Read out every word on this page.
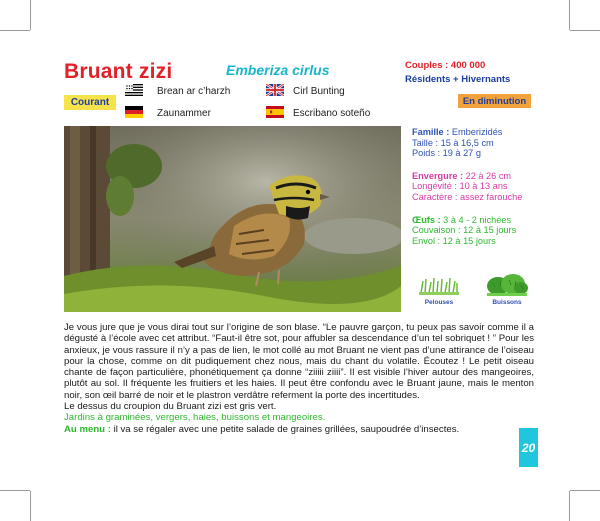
Bruant zizi	Emberiza cirlus	Couples : 400 000
Résidents + Hivernants
Courant	En diminution
Brean ar c’harzh	Cirl Bunting
Zaunammer	Escribano soteño
Famille : Emberizidés
Taille : 15 à 16,5 cm
Poids : 19 à 27 g
Envergure : 22 à 26 cm
Longévité : 10 à 13 ans
Caractère : assez farouche
Œufs : 3 à 4 - 2 nichées
Couvaison : 12 à 15 jours
Envol : 12 à 15 jours
Pelouses	Buissons

Je vous jure que je vous dirai tout sur l’origine de son blase. “Le pauvre garçon, tu peux pas savoir comme il a dégusté à l’école avec cet attribut. “Faut-il être sot, pour affubler sa descendance d’un tel sobriquet ! ” Pour les anxieux, je vous rassure il n’y a pas de lien, le mot collé au mot Bruant ne vient pas d’une attirance de l’oiseau pour la chose, comme on dit pudiquement chez nous, mais du chant du volatile. Écoutez ! Le petit oiseau chante de façon particulière, phonétiquement ça donne “ziiiii ziiii”. Il est visible l’hiver autour des mangeoires, plutôt au sol. Il fréquente les fruitiers et les haies. Il peut être confondu avec le Bruant jaune, mais le menton noir, son œil barré de noir et le plastron verdâtre referment la porte des incertitudes.

Le dessus du croupion du Bruant zizi est gris vert.

Jardins à graminées, vergers, haies, buissons et mangeoires.

Au menu : il va se régaler avec une petite salade de graines grillées, saupoudrée d’insectes.

20
